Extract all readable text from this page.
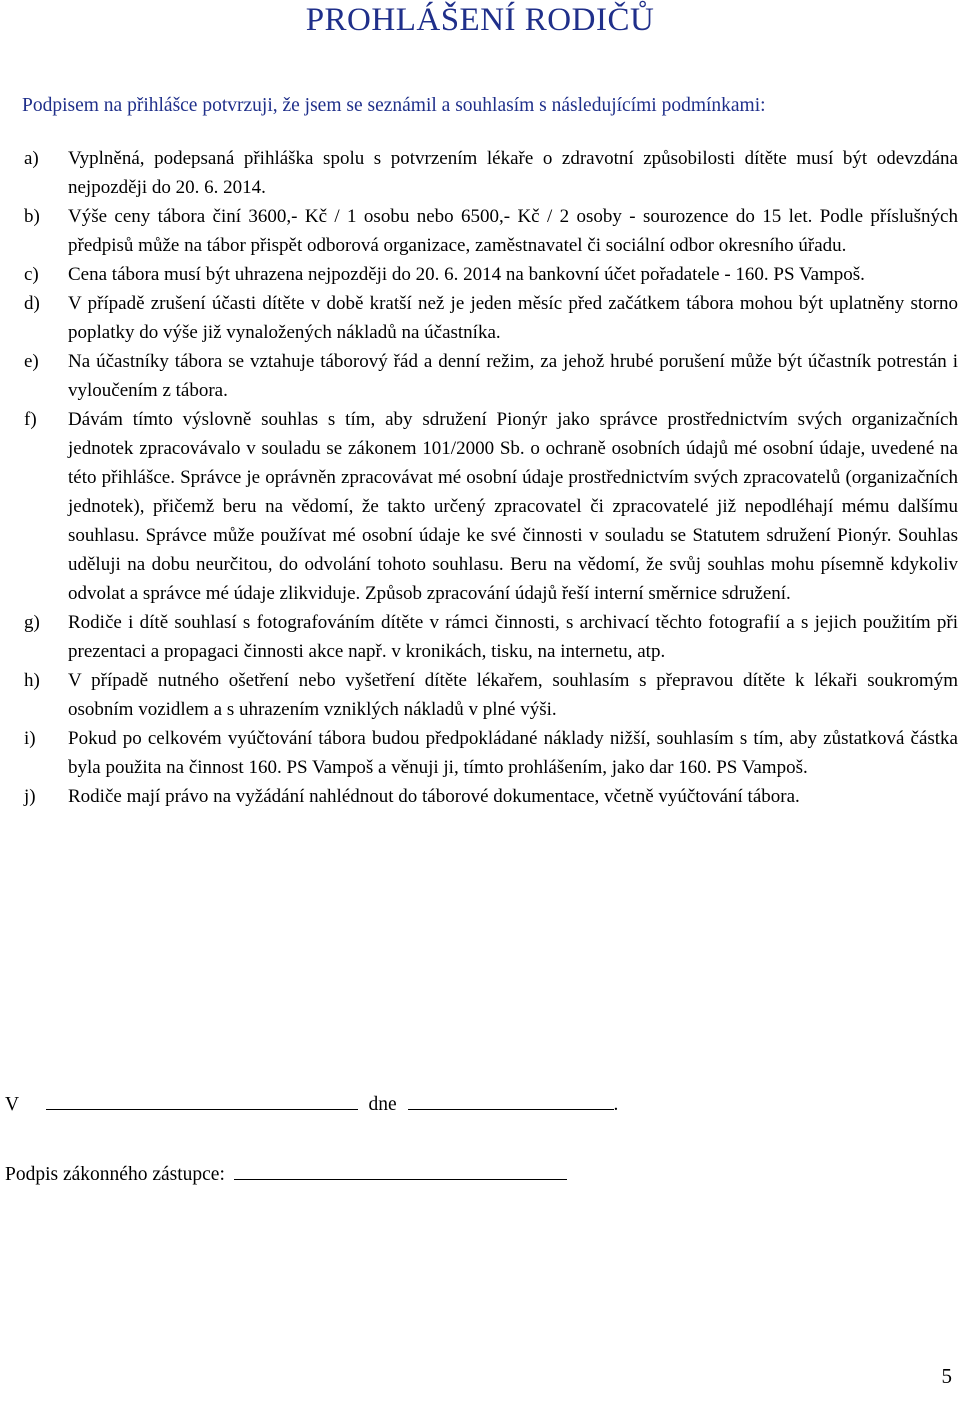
PROHLÁŠENÍ RODIČŮ

Podpisem na přihlášce potvrzuji, že jsem se seznámil a souhlasím s následujícími podmínkami:

a) Vyplněná, podepsaná přihláška spolu s potvrzením lékaře o zdravotní způsobilosti dítěte musí být odevzdána nejpozději do 20. 6. 2014.
b) Výše ceny tábora činí 3600,- Kč / 1 osobu nebo 6500,- Kč / 2 osoby - sourozence do 15 let. Podle příslušných předpisů může na tábor přispět odborová organizace, zaměstnavatel či sociální odbor okresního úřadu.
c) Cena tábora musí být uhrazena nejpozději do 20. 6. 2014 na bankovní účet pořadatele - 160. PS Vampoš.
d) V případě zrušení účasti dítěte v době kratší než je jeden měsíc před začátkem tábora mohou být uplatněny storno poplatky do výše již vynaložených nákladů na účastníka.
e) Na účastníky tábora se vztahuje táborový řád a denní režim, za jehož hrubé porušení může být účastník potrestán i vyloučením z tábora.
f) Dávám tímto výslovně souhlas s tím, aby sdružení Pionýr jako správce prostřednictvím svých organizačních jednotek zpracovávalo v souladu se zákonem 101/2000 Sb. o ochraně osobních údajů mé osobní údaje, uvedené na této přihlášce. Správce je oprávněn zpracovávat mé osobní údaje prostřednictvím svých zpracovatelů (organizačních jednotek), přičemž beru na vědomí, že takto určený zpracovatel či zpracovatelé již nepodléhají mému dalšímu souhlasu. Správce může používat mé osobní údaje ke své činnosti v souladu se Statutem sdružení Pionýr. Souhlas uděluji na dobu neurčitou, do odvolání tohoto souhlasu. Beru na vědomí, že svůj souhlas mohu písemně kdykoliv odvolat a správce mé údaje zlikviduje. Způsob zpracování údajů řeší interní směrnice sdružení.
g) Rodiče i dítě souhlasí s fotografováním dítěte v rámci činnosti, s archivací těchto fotografií a s jejich použitím při prezentaci a propagaci činnosti akce např. v kronikách, tisku, na internetu, atp.
h) V případě nutného ošetření nebo vyšetření dítěte lékařem, souhlasím s přepravou dítěte k lékaři soukromým osobním vozidlem a s uhrazením vzniklých nákladů v plné výši.
i) Pokud po celkovém vyúčtování tábora budou předpokládané náklady nižší, souhlasím s tím, aby zůstatková částka byla použita na činnost 160. PS Vampoš a věnuji ji, tímto prohlášením, jako dar 160. PS Vampoš.
j) Rodiče mají právo na vyžádání nahlédnout do táborové dokumentace, včetně vyúčtování tábora.
V	dne	.
Podpis zákonného zástupce:
5
